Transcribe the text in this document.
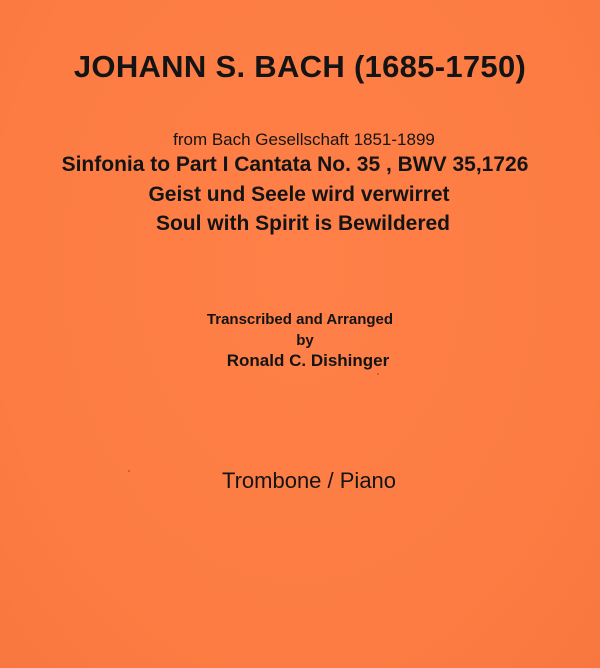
JOHANN S. BACH (1685-1750)
from Bach Gesellschaft 1851-1899
Sinfonia to Part I Cantata No. 35 , BWV 35,1726
Geist und Seele wird verwirret
Soul with Spirit is Bewildered
Transcribed and Arranged
by
Ronald C. Dishinger
Trombone / Piano
